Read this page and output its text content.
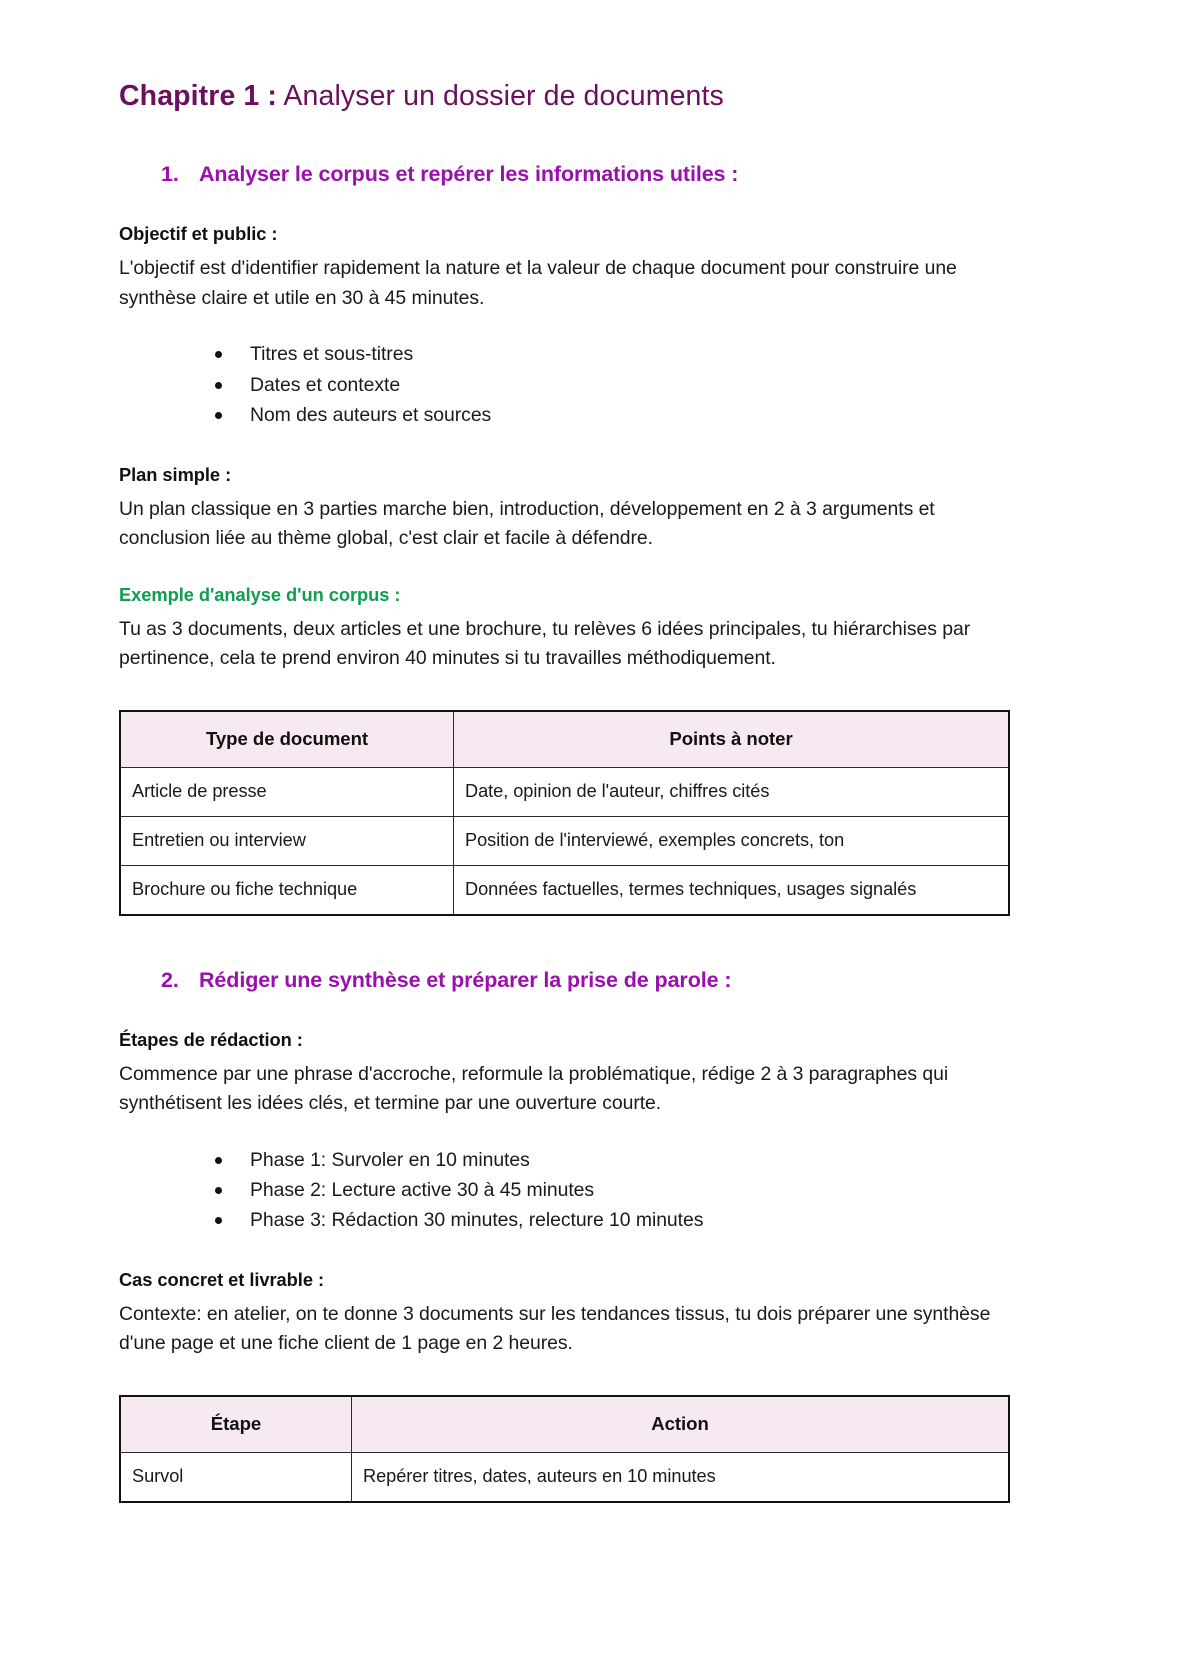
Chapitre 1 : Analyser un dossier de documents
1. Analyser le corpus et repérer les informations utiles :
Objectif et public :

L'objectif est d'identifier rapidement la nature et la valeur de chaque document pour construire une synthèse claire et utile en 30 à 45 minutes.

Titres et sous-titres
Dates et contexte
Nom des auteurs et sources
Plan simple :

Un plan classique en 3 parties marche bien, introduction, développement en 2 à 3 arguments et conclusion liée au thème global, c'est clair et facile à défendre.

Exemple d'analyse d'un corpus :

Tu as 3 documents, deux articles et une brochure, tu relèves 6 idées principales, tu hiérarchises par pertinence, cela te prend environ 40 minutes si tu travailles méthodiquement.

Type de document	Points à noter
Article de presse	Date, opinion de l'auteur, chiffres cités
Entretien ou interview	Position de l'interviewé, exemples concrets, ton
Brochure ou fiche technique	Données factuelles, termes techniques, usages signalés
2. Rédiger une synthèse et préparer la prise de parole :
Étapes de rédaction :

Commence par une phrase d'accroche, reformule la problématique, rédige 2 à 3 paragraphes qui synthétisent les idées clés, et termine par une ouverture courte.

Phase 1: Survoler en 10 minutes
Phase 2: Lecture active 30 à 45 minutes
Phase 3: Rédaction 30 minutes, relecture 10 minutes
Cas concret et livrable :

Contexte: en atelier, on te donne 3 documents sur les tendances tissus, tu dois préparer une synthèse d'une page et une fiche client de 1 page en 2 heures.

Étape	Action
Survol	Repérer titres, dates, auteurs en 10 minutes
